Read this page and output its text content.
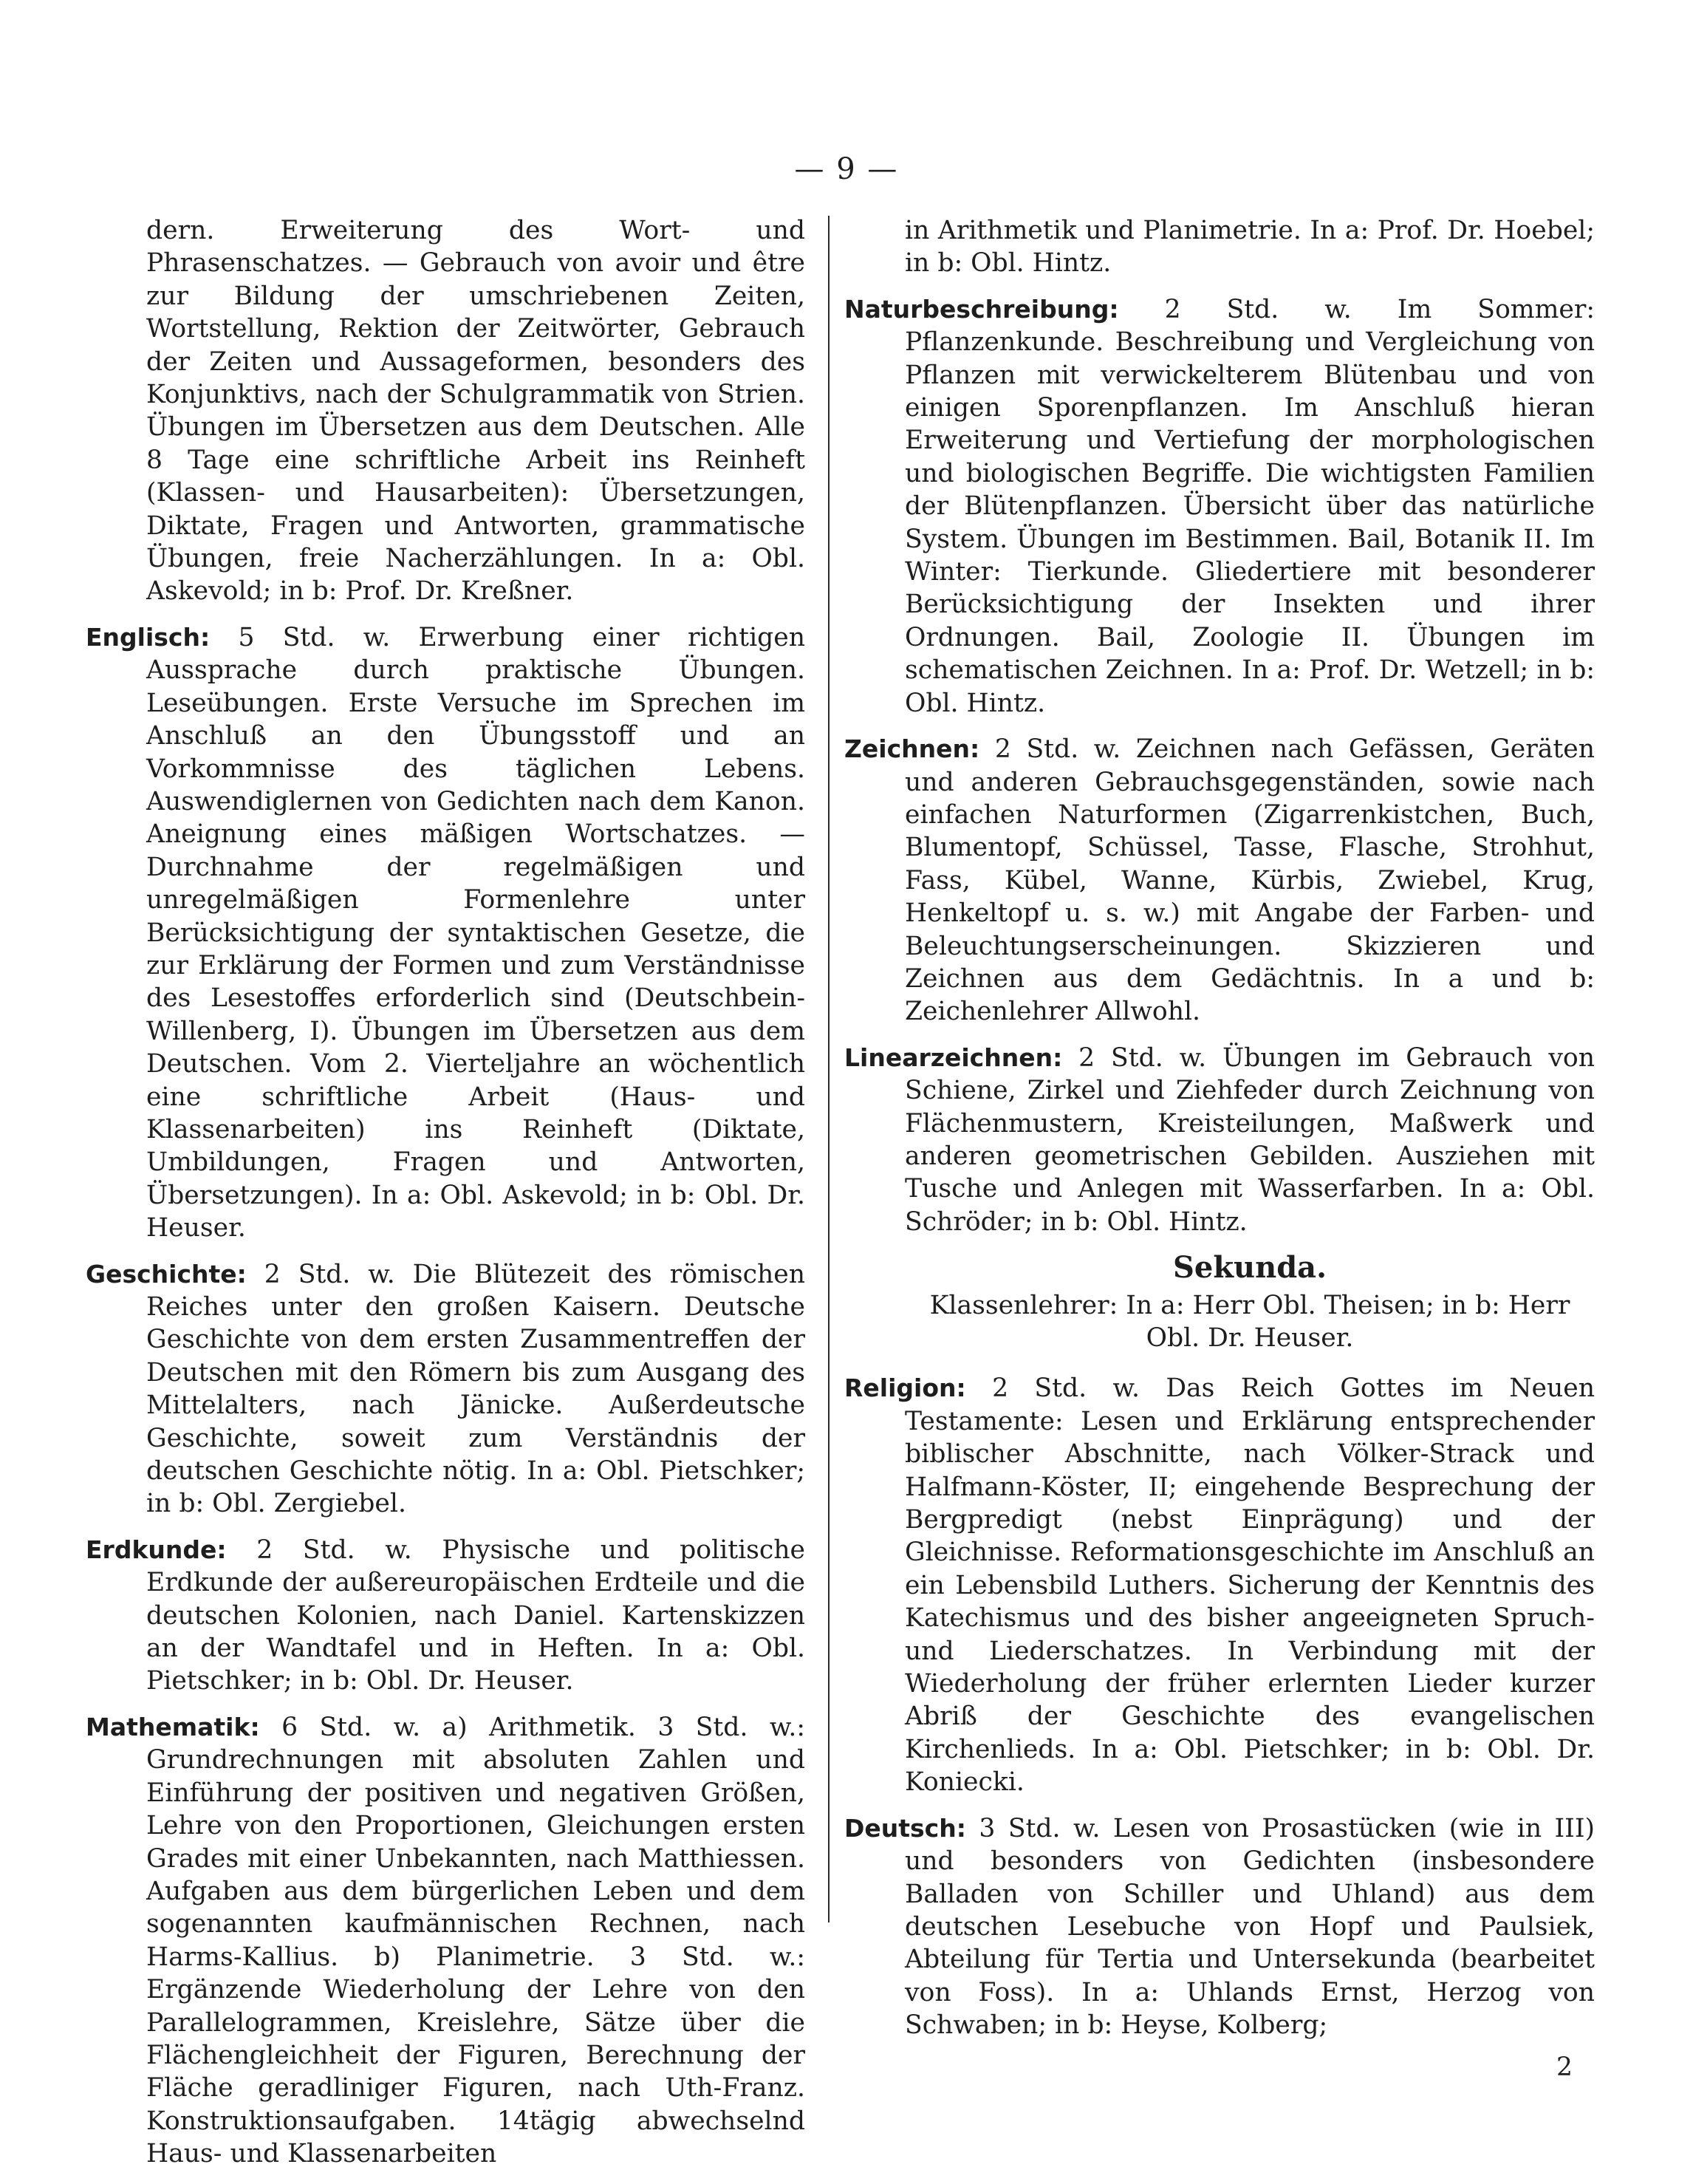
— 9 —

dern. Erweiterung des Wort- und Phrasenschatzes. — Gebrauch von avoir und être zur Bildung der umschriebenen Zeiten, Wortstellung, Rektion der Zeitwörter, Gebrauch der Zeiten und Aussageformen, besonders des Konjunktivs, nach der Schulgrammatik von Strien. Übungen im Übersetzen aus dem Deutschen. Alle 8 Tage eine schriftliche Arbeit ins Reinheft (Klassen- und Hausarbeiten): Übersetzungen, Diktate, Fragen und Antworten, grammatische Übungen, freie Nacherzählungen. In a: Obl. Askevold; in b: Prof. Dr. Kreßner.

Englisch: 5 Std. w. Erwerbung einer richtigen Aussprache durch praktische Übungen. Leseübungen. Erste Versuche im Sprechen im Anschluß an den Übungsstoff und an Vorkommnisse des täglichen Lebens. Auswendiglernen von Gedichten nach dem Kanon. Aneignung eines mäßigen Wortschatzes. — Durchnahme der regelmäßigen und unregelmäßigen Formenlehre unter Berücksichtigung der syntaktischen Gesetze, die zur Erklärung der Formen und zum Verständnisse des Lesestoffes erforderlich sind (Deutschbein-Willenberg, I). Übungen im Übersetzen aus dem Deutschen. Vom 2. Vierteljahre an wöchentlich eine schriftliche Arbeit (Haus- und Klassenarbeiten) ins Reinheft (Diktate, Umbildungen, Fragen und Antworten, Übersetzungen). In a: Obl. Askevold; in b: Obl. Dr. Heuser.

Geschichte: 2 Std. w. Die Blütezeit des römischen Reiches unter den großen Kaisern. Deutsche Geschichte von dem ersten Zusammentreffen der Deutschen mit den Römern bis zum Ausgang des Mittelalters, nach Jänicke. Außerdeutsche Geschichte, soweit zum Verständnis der deutschen Geschichte nötig. In a: Obl. Pietschker; in b: Obl. Zergiebel.

Erdkunde: 2 Std. w. Physische und politische Erdkunde der außereuropäischen Erdteile und die deutschen Kolonien, nach Daniel. Kartenskizzen an der Wandtafel und in Heften. In a: Obl. Pietschker; in b: Obl. Dr. Heuser.

Mathematik: 6 Std. w. a) Arithmetik. 3 Std. w.: Grundrechnungen mit absoluten Zahlen und Einführung der positiven und negativen Größen, Lehre von den Proportionen, Gleichungen ersten Grades mit einer Unbekannten, nach Matthiessen. Aufgaben aus dem bürgerlichen Leben und dem sogenannten kaufmännischen Rechnen, nach Harms-Kallius. b) Planimetrie. 3 Std. w.: Ergänzende Wiederholung der Lehre von den Parallelogrammen, Kreislehre, Sätze über die Flächengleichheit der Figuren, Berechnung der Fläche geradliniger Figuren, nach Uth-Franz. Konstruktionsaufgaben. 14tägig abwechselnd Haus- und Klassenarbeiten

in Arithmetik und Planimetrie. In a: Prof. Dr. Hoebel; in b: Obl. Hintz.

Naturbeschreibung: 2 Std. w. Im Sommer: Pflanzenkunde. Beschreibung und Vergleichung von Pflanzen mit verwickelterem Blütenbau und von einigen Sporenpflanzen. Im Anschluß hieran Erweiterung und Vertiefung der morphologischen und biologischen Begriffe. Die wichtigsten Familien der Blütenpflanzen. Übersicht über das natürliche System. Übungen im Bestimmen. Bail, Botanik II. Im Winter: Tierkunde. Gliedertiere mit besonderer Berücksichtigung der Insekten und ihrer Ordnungen. Bail, Zoologie II. Übungen im schematischen Zeichnen. In a: Prof. Dr. Wetzell; in b: Obl. Hintz.

Zeichnen: 2 Std. w. Zeichnen nach Gefässen, Geräten und anderen Gebrauchsgegenständen, sowie nach einfachen Naturformen (Zigarrenkistchen, Buch, Blumentopf, Schüssel, Tasse, Flasche, Strohhut, Fass, Kübel, Wanne, Kürbis, Zwiebel, Krug, Henkeltopf u. s. w.) mit Angabe der Farben- und Beleuchtungserscheinungen. Skizzieren und Zeichnen aus dem Gedächtnis. In a und b: Zeichenlehrer Allwohl.

Linearzeichnen: 2 Std. w. Übungen im Gebrauch von Schiene, Zirkel und Ziehfeder durch Zeichnung von Flächenmustern, Kreisteilungen, Maßwerk und anderen geometrischen Gebilden. Ausziehen mit Tusche und Anlegen mit Wasserfarben. In a: Obl. Schröder; in b: Obl. Hintz.

Sekunda.

Klassenlehrer: In a: Herr Obl. Theisen; in b: Herr Obl. Dr. Heuser.

Religion: 2 Std. w. Das Reich Gottes im Neuen Testamente: Lesen und Erklärung entsprechender biblischer Abschnitte, nach Völker-Strack und Halfmann-Köster, II; eingehende Besprechung der Bergpredigt (nebst Einprägung) und der Gleichnisse. Reformationsgeschichte im Anschluß an ein Lebensbild Luthers. Sicherung der Kenntnis des Katechismus und des bisher angeeigneten Spruch- und Liederschatzes. In Verbindung mit der Wiederholung der früher erlernten Lieder kurzer Abriß der Geschichte des evangelischen Kirchenlieds. In a: Obl. Pietschker; in b: Obl. Dr. Koniecki.

Deutsch: 3 Std. w. Lesen von Prosastücken (wie in III) und besonders von Gedichten (insbesondere Balladen von Schiller und Uhland) aus dem deutschen Lesebuche von Hopf und Paulsiek, Abteilung für Tertia und Untersekunda (bearbeitet von Foss). In a: Uhlands Ernst, Herzog von Schwaben; in b: Heyse, Kolberg;

2
